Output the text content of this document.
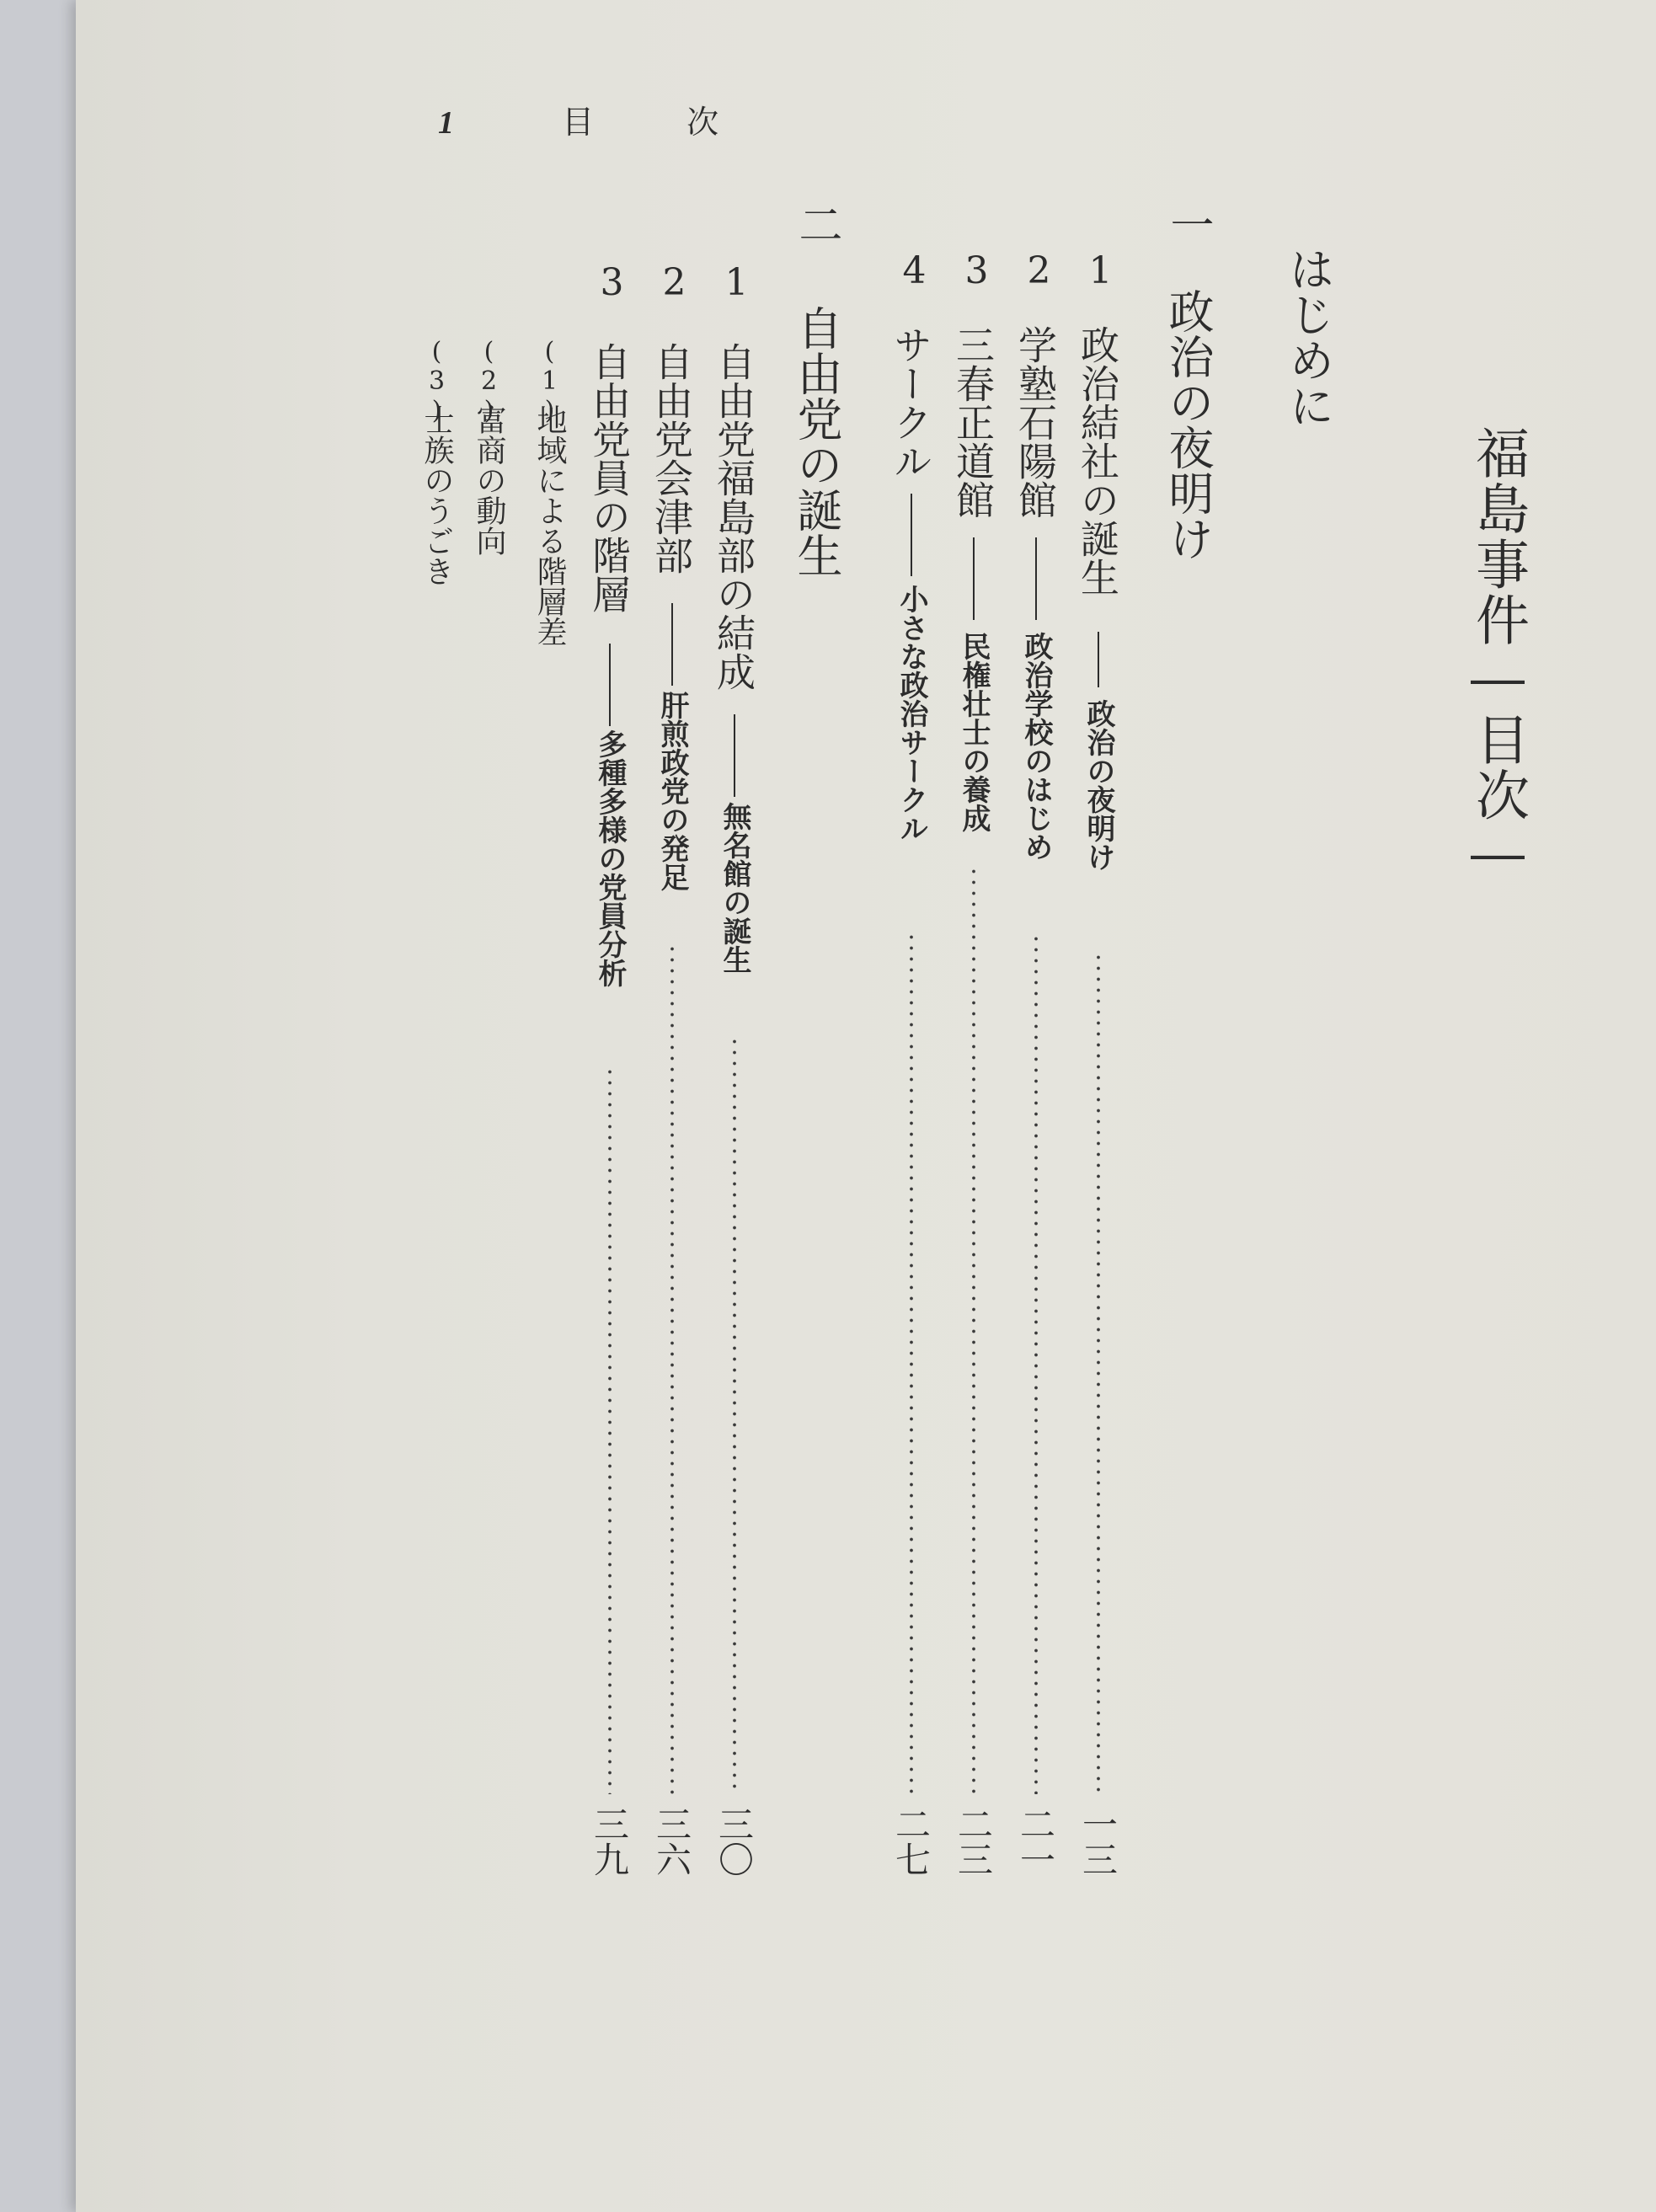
1 目　次
福島事件―目次―
はじめに
一
政治の夜明け
1
政治結社の誕生
政治の夜明け
一三
2
学塾石陽館
政治学校のはじめ
二一
3
三春正道館
民権壮士の養成
二三
4
サークル
小さな政治サークル
二七
二
自由党の誕生
1
自由党福島部の結成
無名館の誕生
三〇
2
自由党会津部
肝煎政党の発足
三六
3
自由党員の階層
多種多様の党員分析
三九
(1)
地域による階層差
(2)
富商の動向
(3)
士族のうごき
